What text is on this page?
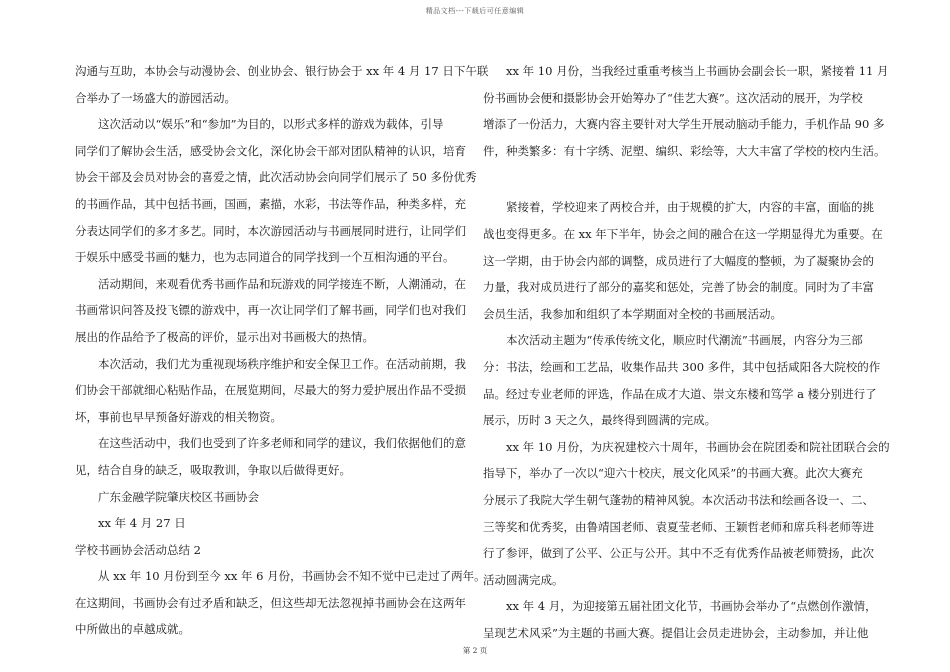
精品文档---下载后可任意编辑

沟通与互助，本协会与动漫协会、创业协会、银行协会于 xx 年 4 月 17 日下午联

合举办了一场盛大的游园活动。

这次活动以“娱乐”和“参加”为目的，以形式多样的游戏为载体，引导

同学们了解协会生活，感受协会文化，深化协会干部对团队精神的认识，培育

协会干部及会员对协会的喜爱之情，此次活动协会向同学们展示了 50 多份优秀

的书画作品，其中包括书画，国画，素描，水彩，书法等作品，种类多样，充

分表达同学们的多才多艺。同时，本次游园活动与书画展同时进行，让同学们

于娱乐中感受书画的魅力，也为志同道合的同学找到一个互相沟通的平台。

活动期间，来观看优秀书画作品和玩游戏的同学接连不断，人潮涌动，在

书画常识问答及投飞镖的游戏中，再一次让同学们了解书画，同学们也对我们

展出的作品给予了极高的评价，显示出对书画极大的热情。

本次活动，我们尤为重视现场秩序维护和安全保卫工作。在活动前期，我

们协会干部就细心粘贴作品，在展览期间，尽最大的努力爱护展出作品不受损

坏，事前也早早预备好游戏的相关物资。

在这些活动中，我们也受到了许多老师和同学的建议，我们依据他们的意

见，结合自身的缺乏，吸取教训，争取以后做得更好。

广东金融学院肇庆校区书画协会

xx 年 4 月 27 日

学校书画协会活动总结 2

从 xx 年 10 月份到至今 xx 年 6 月份，书画协会不知不觉中已走过了两年。

在这期间，书画协会有过矛盾和缺乏，但这些却无法忽视掉书画协会在这两年

中所做出的卓越成就。

xx 年 10 月份，当我经过重重考核当上书画协会副会长一职，紧接着 11 月

份书画协会便和摄影协会开始筹办了“佳艺大赛”。这次活动的展开，为学校

增添了一份活力，大赛内容主要针对大学生开展动脑动手能力，手机作品 90 多

件，种类繁多：有十字绣、泥塑、编织、彩绘等，大大丰富了学校的校内生活。

紧接着，学校迎来了两校合并，由于规模的扩大，内容的丰富，面临的挑

战也变得更多。在 xx 年下半年，协会之间的融合在这一学期显得尤为重要。在

这一学期，由于协会内部的调整，成员进行了大幅度的整顿，为了凝聚协会的

力量，我对成员进行了部分的嘉奖和惩处，完善了协会的制度。同时为了丰富

会员生活，我参加和组织了本学期面对全校的书画展活动。

本次活动主题为“传承传统文化，顺应时代潮流”书画展，内容分为三部

分：书法，绘画和工艺品，收集作品共 300 多件，其中包括咸阳各大院校的作

品。经过专业老师的评选，作品在成才大道、崇文东楼和笃学 a 楼分别进行了

展示，历时 3 天之久，最终得到圆满的完成。

xx 年 10 月份，为庆祝建校六十周年，书画协会在院团委和院社团联合会的

指导下，举办了一次以“迎六十校庆，展文化风采”的书画大赛。此次大赛充

分展示了我院大学生朝气蓬勃的精神风貌。本次活动书法和绘画各设一、二、

三等奖和优秀奖，由鲁靖国老师、袁夏莹老师、王颖哲老师和席兵科老师等进

行了参评，做到了公平、公正与公开。其中不乏有优秀作品被老师赞扬，此次

活动圆满完成。

xx 年 4 月，为迎接第五届社团文化节，书画协会举办了“点燃创作激情，

呈现艺术风采”为主题的书画大赛。提倡让会员走进协会，主动参加，并让他

第 2 页
